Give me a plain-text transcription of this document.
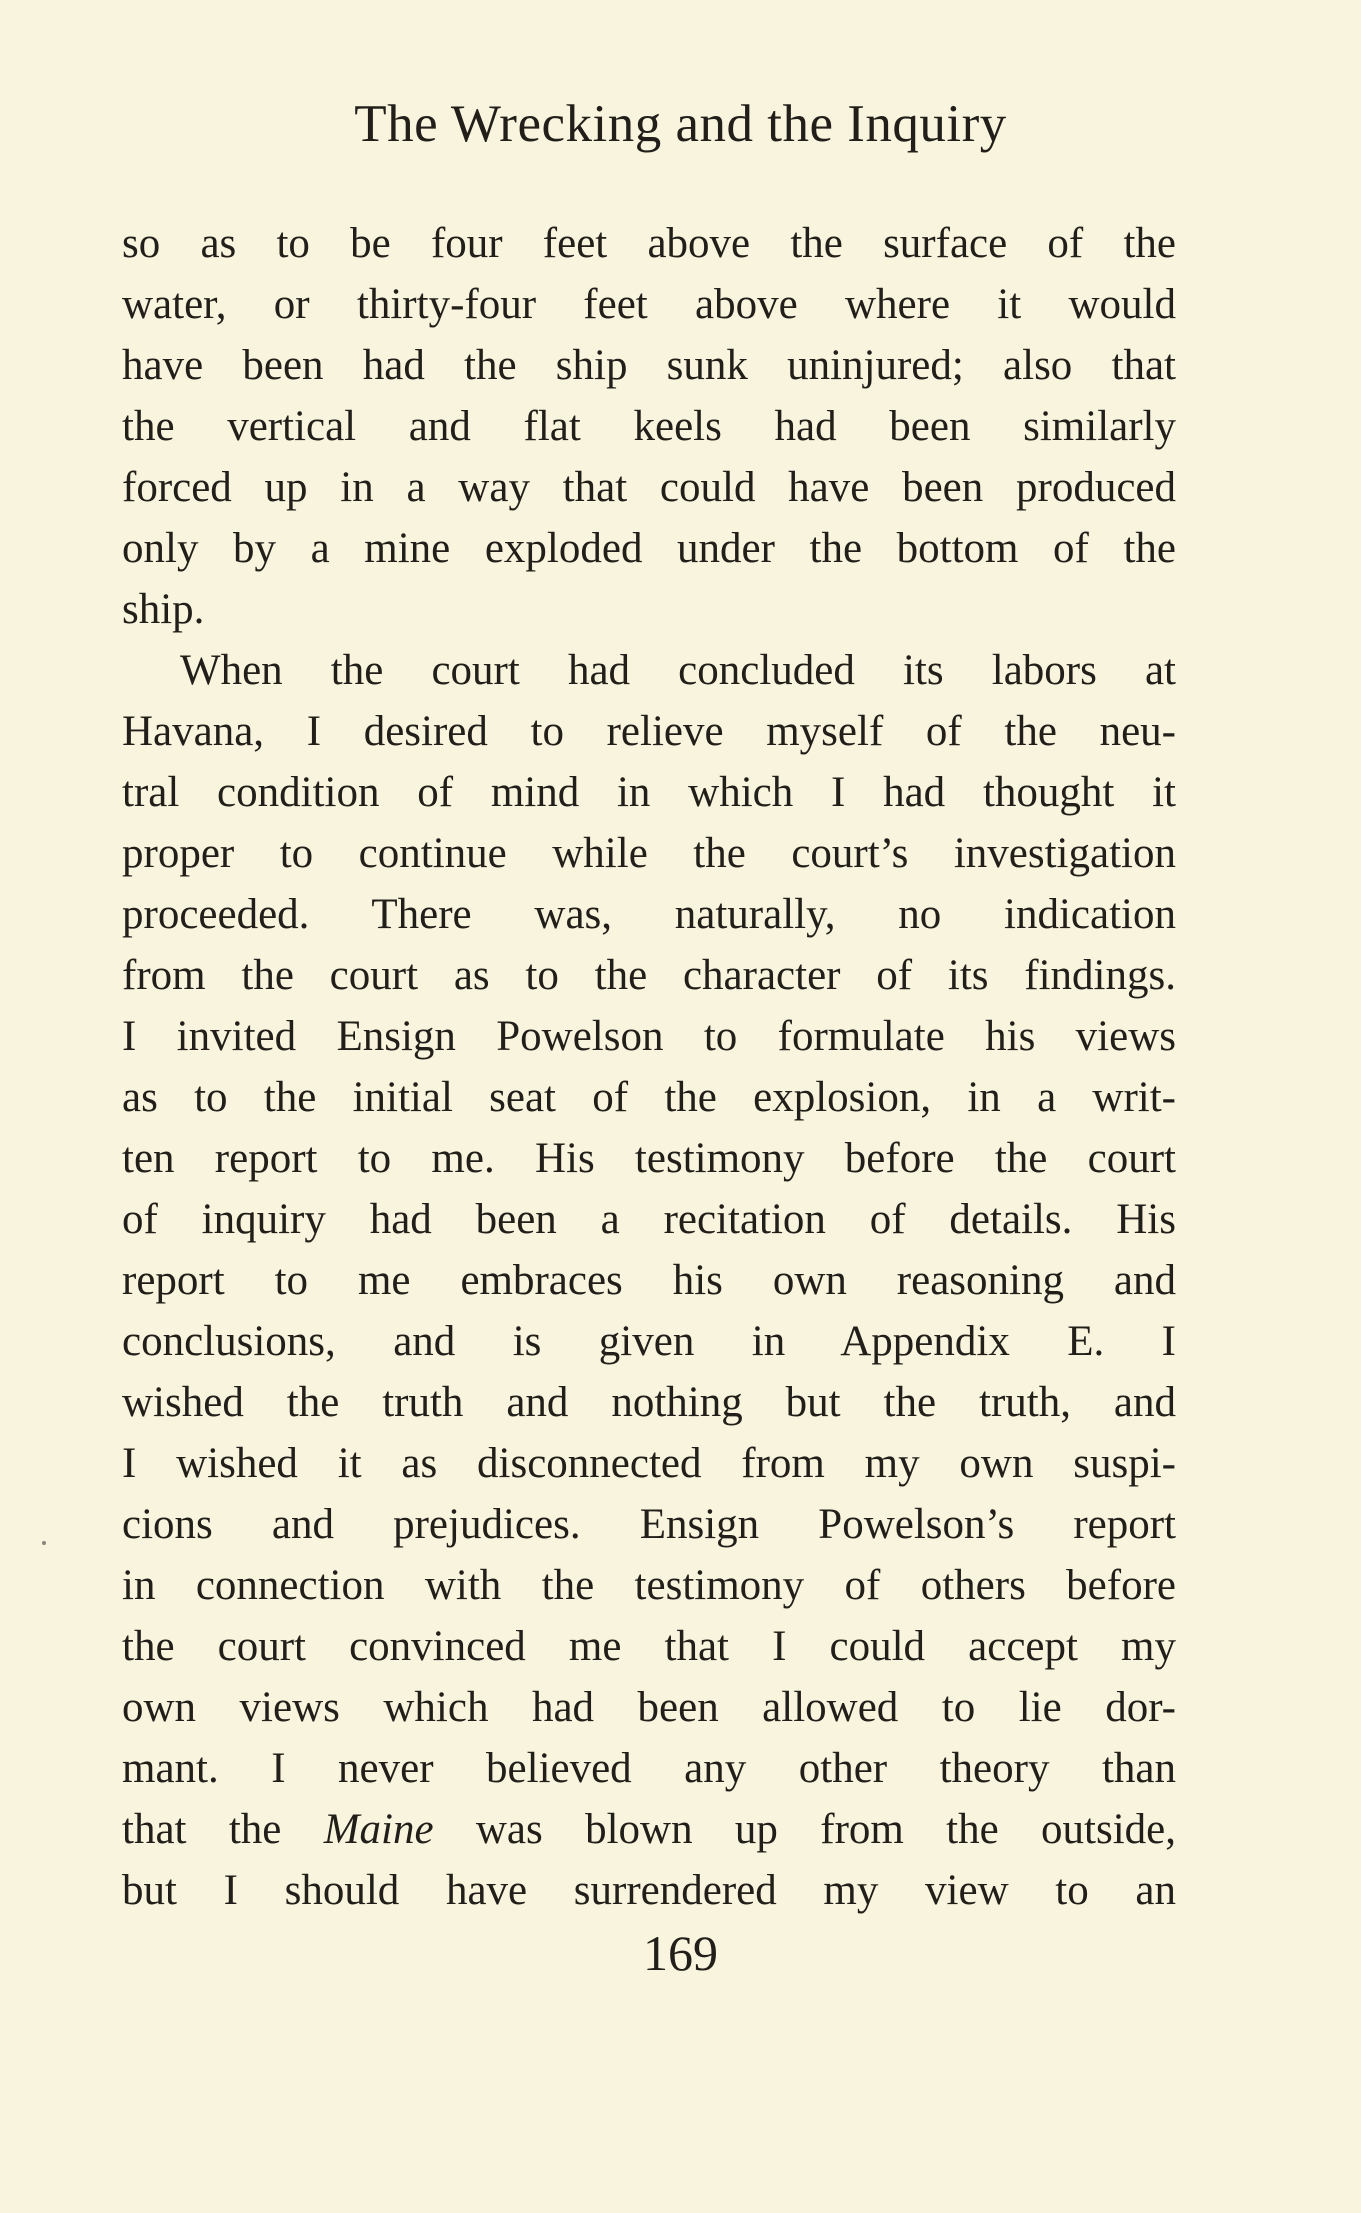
The Wrecking and the Inquiry
so as to be four feet above the surface of the
water, or thirty-four feet above where it would
have been had the ship sunk uninjured; also that
the vertical and flat keels had been similarly
forced up in a way that could have been produced
only by a mine exploded under the bottom of the
ship.
When the court had concluded its labors at
Havana, I desired to relieve myself of the neu-
tral condition of mind in which I had thought it
proper to continue while the court’s investigation
proceeded. There was, naturally, no indication
from the court as to the character of its findings.
I invited Ensign Powelson to formulate his views
as to the initial seat of the explosion, in a writ-
ten report to me. His testimony before the court
of inquiry had been a recitation of details. His
report to me embraces his own reasoning and
conclusions, and is given in Appendix E. I
wished the truth and nothing but the truth, and
I wished it as disconnected from my own suspi-
cions and prejudices. Ensign Powelson’s report
in connection with the testimony of others before
the court convinced me that I could accept my
own views which had been allowed to lie dor-
mant. I never believed any other theory than
that the Maine was blown up from the outside,
but I should have surrendered my view to an
169
